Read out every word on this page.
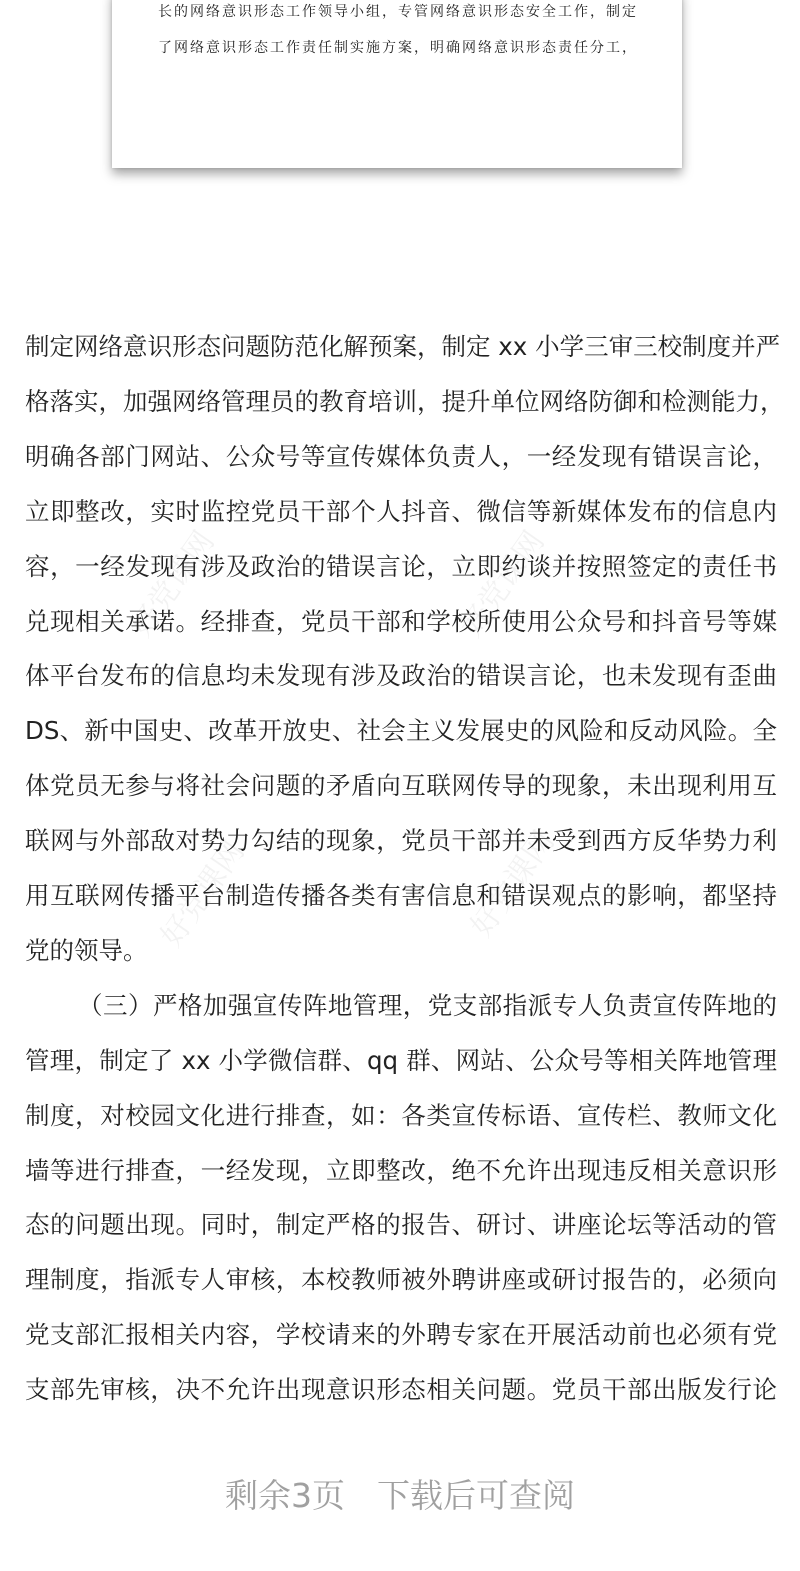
长的网络意识形态工作领导小组，专管网络意识形态安全工作，制定
了网络意识形态工作责任制实施方案，明确网络意识形态责任分工，
好党课网	好党课网
好党课网	好党课网
制定网络意识形态问题防范化解预案，制定 xx 小学三审三校制度并严
格落实，加强网络管理员的教育培训，提升单位网络防御和检测能力，
明确各部门网站、公众号等宣传媒体负责人，一经发现有错误言论，
立即整改，实时监控党员干部个人抖音、微信等新媒体发布的信息内
容，一经发现有涉及政治的错误言论，立即约谈并按照签定的责任书
兑现相关承诺。经排查，党员干部和学校所使用公众号和抖音号等媒
体平台发布的信息均未发现有涉及政治的错误言论，也未发现有歪曲
DS、新中国史、改革开放史、社会主义发展史的风险和反动风险。全
体党员无参与将社会问题的矛盾向互联网传导的现象，未出现利用互
联网与外部敌对势力勾结的现象，党员干部并未受到西方反华势力利
用互联网传播平台制造传播各类有害信息和错误观点的影响，都坚持
党的领导。
（三）严格加强宣传阵地管理，党支部指派专人负责宣传阵地的
管理，制定了 xx 小学微信群、qq 群、网站、公众号等相关阵地管理
制度，对校园文化进行排查，如：各类宣传标语、宣传栏、教师文化
墙等进行排查，一经发现，立即整改，绝不允许出现违反相关意识形
态的问题出现。同时，制定严格的报告、研讨、讲座论坛等活动的管
理制度，指派专人审核，本校教师被外聘讲座或研讨报告的，必须向
党支部汇报相关内容，学校请来的外聘专家在开展活动前也必须有党
支部先审核，决不允许出现意识形态相关问题。党员干部出版发行论
剩余3页 下载后可查阅
